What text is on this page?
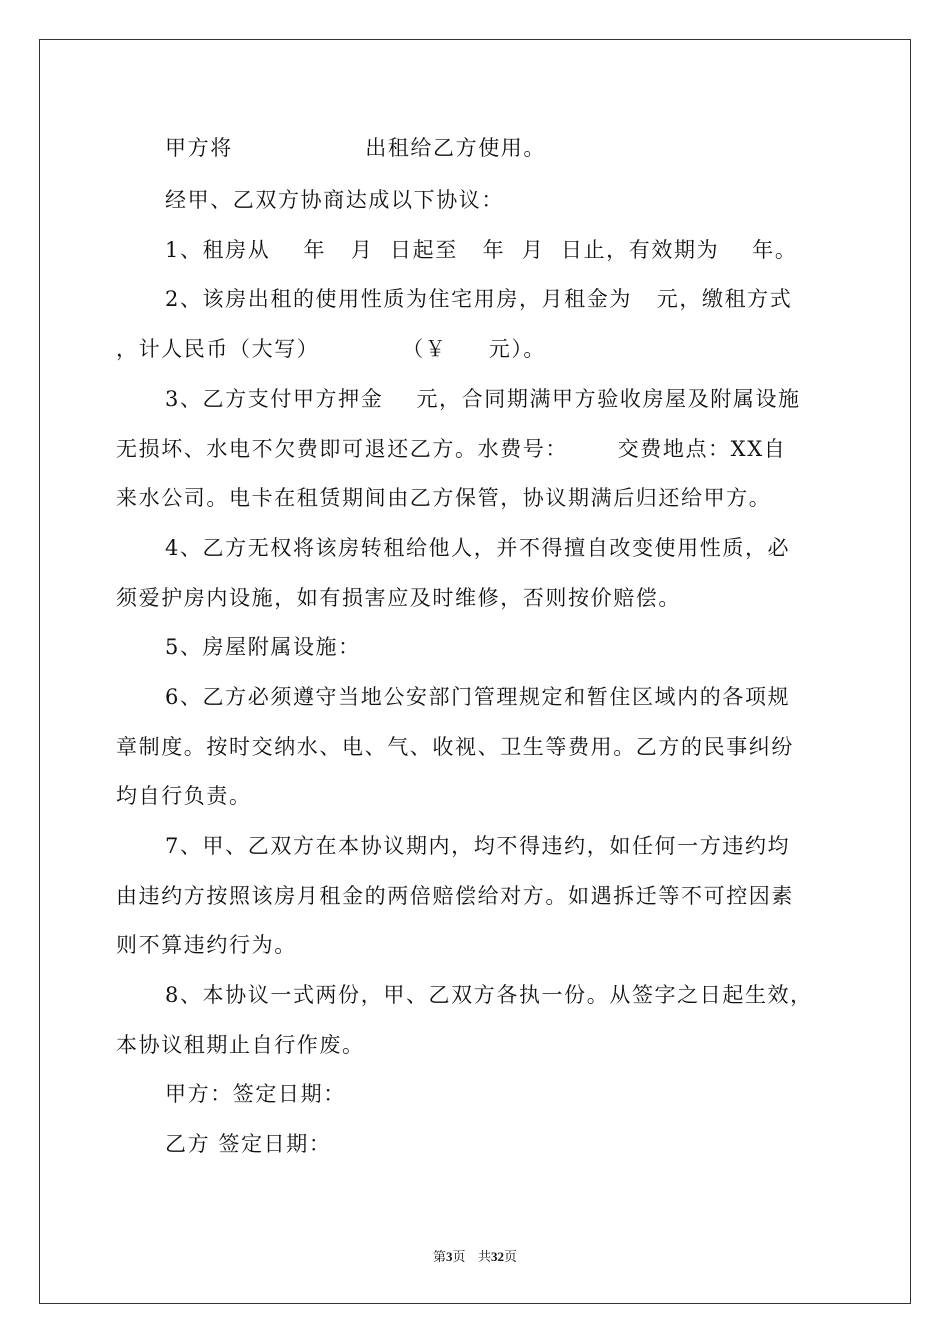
甲方将                出租给乙方使用。
经甲、乙双方协商达成以下协议：
1、租房从    年   月  日起至   年  月  日止，有效期为    年。
2、该房出租的使用性质为住宅用房，月租金为   元，缴租方式
，计人民币（大写）          （￥     元）。
3、乙方支付甲方押金    元，合同期满甲方验收房屋及附属设施
无损坏、水电不欠费即可退还乙方。水费号：      交费地点：XX自
来水公司。电卡在租赁期间由乙方保管，协议期满后归还给甲方。
4、乙方无权将该房转租给他人，并不得擅自改变使用性质，必
须爱护房内设施，如有损害应及时维修，否则按价赔偿。
5、房屋附属设施：
6、乙方必须遵守当地公安部门管理规定和暂住区域内的各项规
章制度。按时交纳水、电、气、收视、卫生等费用。乙方的民事纠纷
均自行负责。
7、甲、乙双方在本协议期内，均不得违约，如任何一方违约均
由违约方按照该房月租金的两倍赔偿给对方。如遇拆迁等不可控因素
则不算违约行为。
8、本协议一式两份，甲、乙双方各执一份。从签字之日起生效，
本协议租期止自行作废。
甲方：签定日期：
乙方 签定日期：
第3页   共32页
